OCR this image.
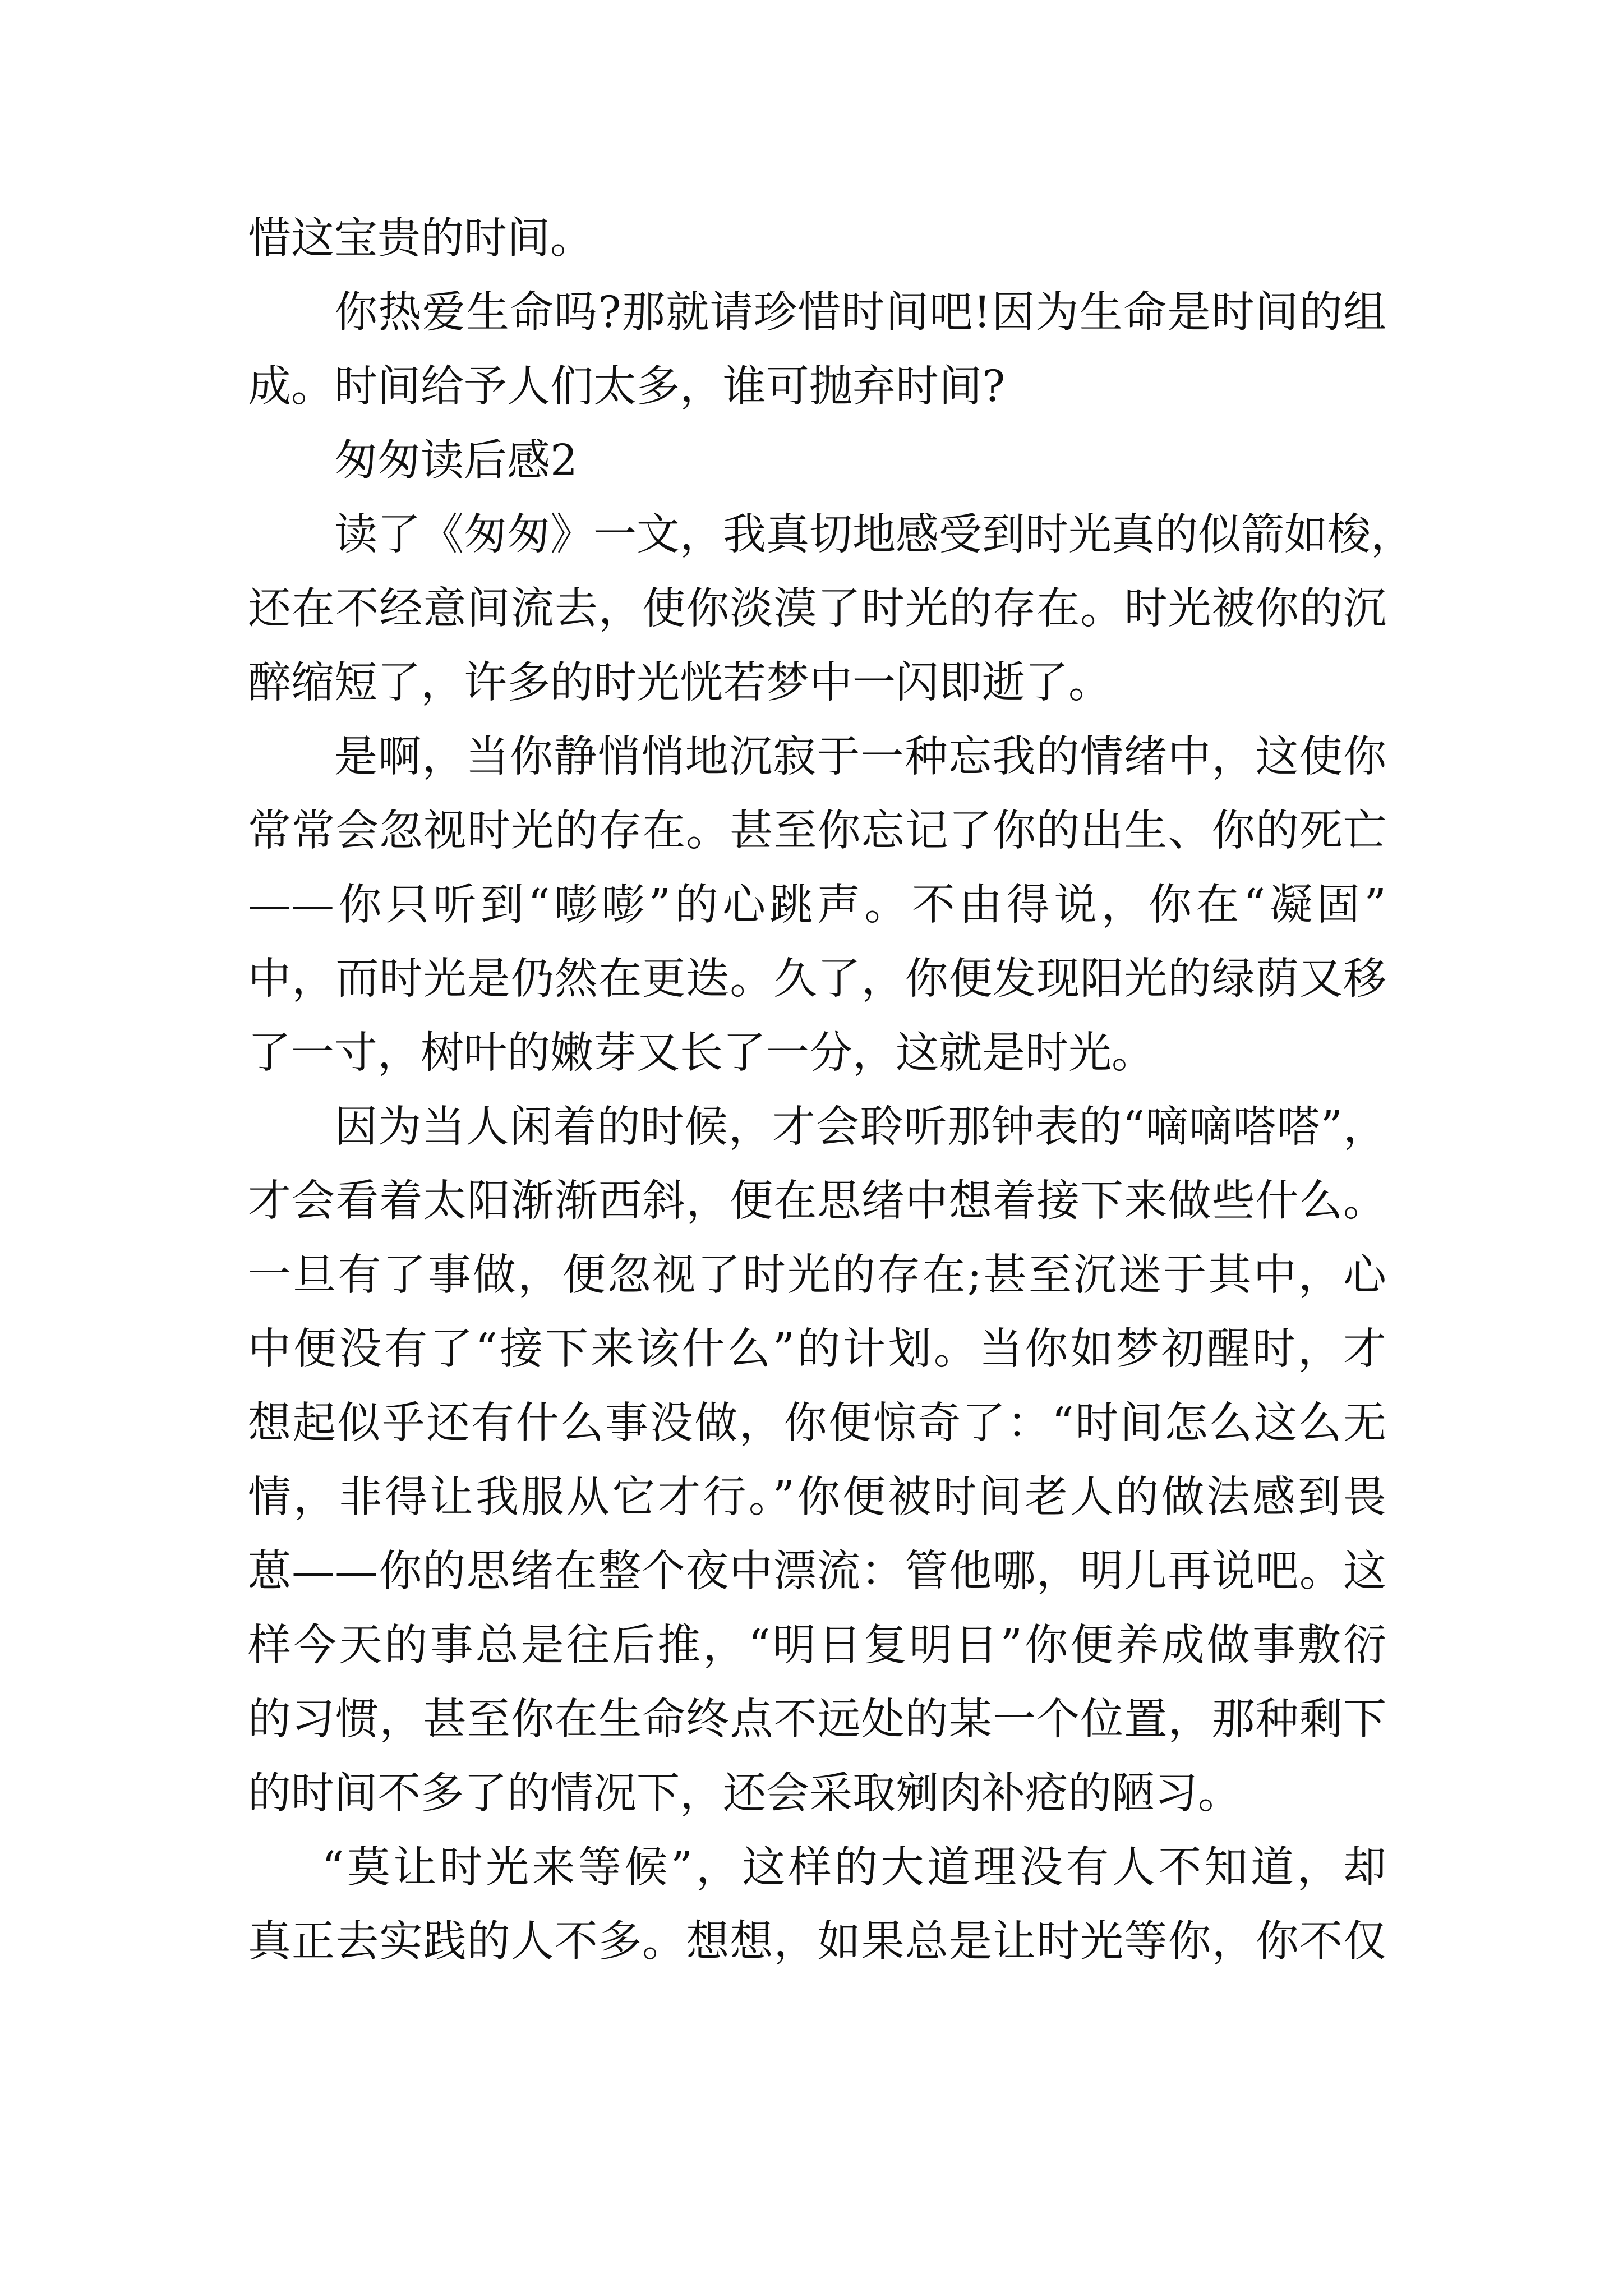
惜这宝贵的时间。
你热爱生命吗?那就请珍惜时间吧!因为生命是时间的组
成。时间给予人们太多，谁可抛弃时间?
匆匆读后感2
读了《匆匆》一文，我真切地感受到时光真的似箭如梭，
还在不经意间流去，使你淡漠了时光的存在。时光被你的沉
醉缩短了，许多的时光恍若梦中一闪即逝了。
是啊，当你静悄悄地沉寂于一种忘我的情绪中，这使你
常常会忽视时光的存在。甚至你忘记了你的出生、你的死亡
——你只听到“嘭嘭”的心跳声。不由得说，你在“凝固”
中，而时光是仍然在更迭。久了，你便发现阳光的绿荫又移
了一寸，树叶的嫩芽又长了一分，这就是时光。
因为当人闲着的时候，才会聆听那钟表的“嘀嘀嗒嗒”，
才会看着太阳渐渐西斜，便在思绪中想着接下来做些什么。
一旦有了事做，便忽视了时光的存在;甚至沉迷于其中，心
中便没有了“接下来该什么”的计划。当你如梦初醒时，才
想起似乎还有什么事没做，你便惊奇了：“时间怎么这么无
情，非得让我服从它才行。”你便被时间老人的做法感到畏
葸——你的思绪在整个夜中漂流：管他哪，明儿再说吧。这
样今天的事总是往后推，“明日复明日”你便养成做事敷衍
的习惯，甚至你在生命终点不远处的某一个位置，那种剩下
的时间不多了的情况下，还会采取剜肉补疮的陋习。
“莫让时光来等候”，这样的大道理没有人不知道，却
真正去实践的人不多。想想，如果总是让时光等你，你不仅
